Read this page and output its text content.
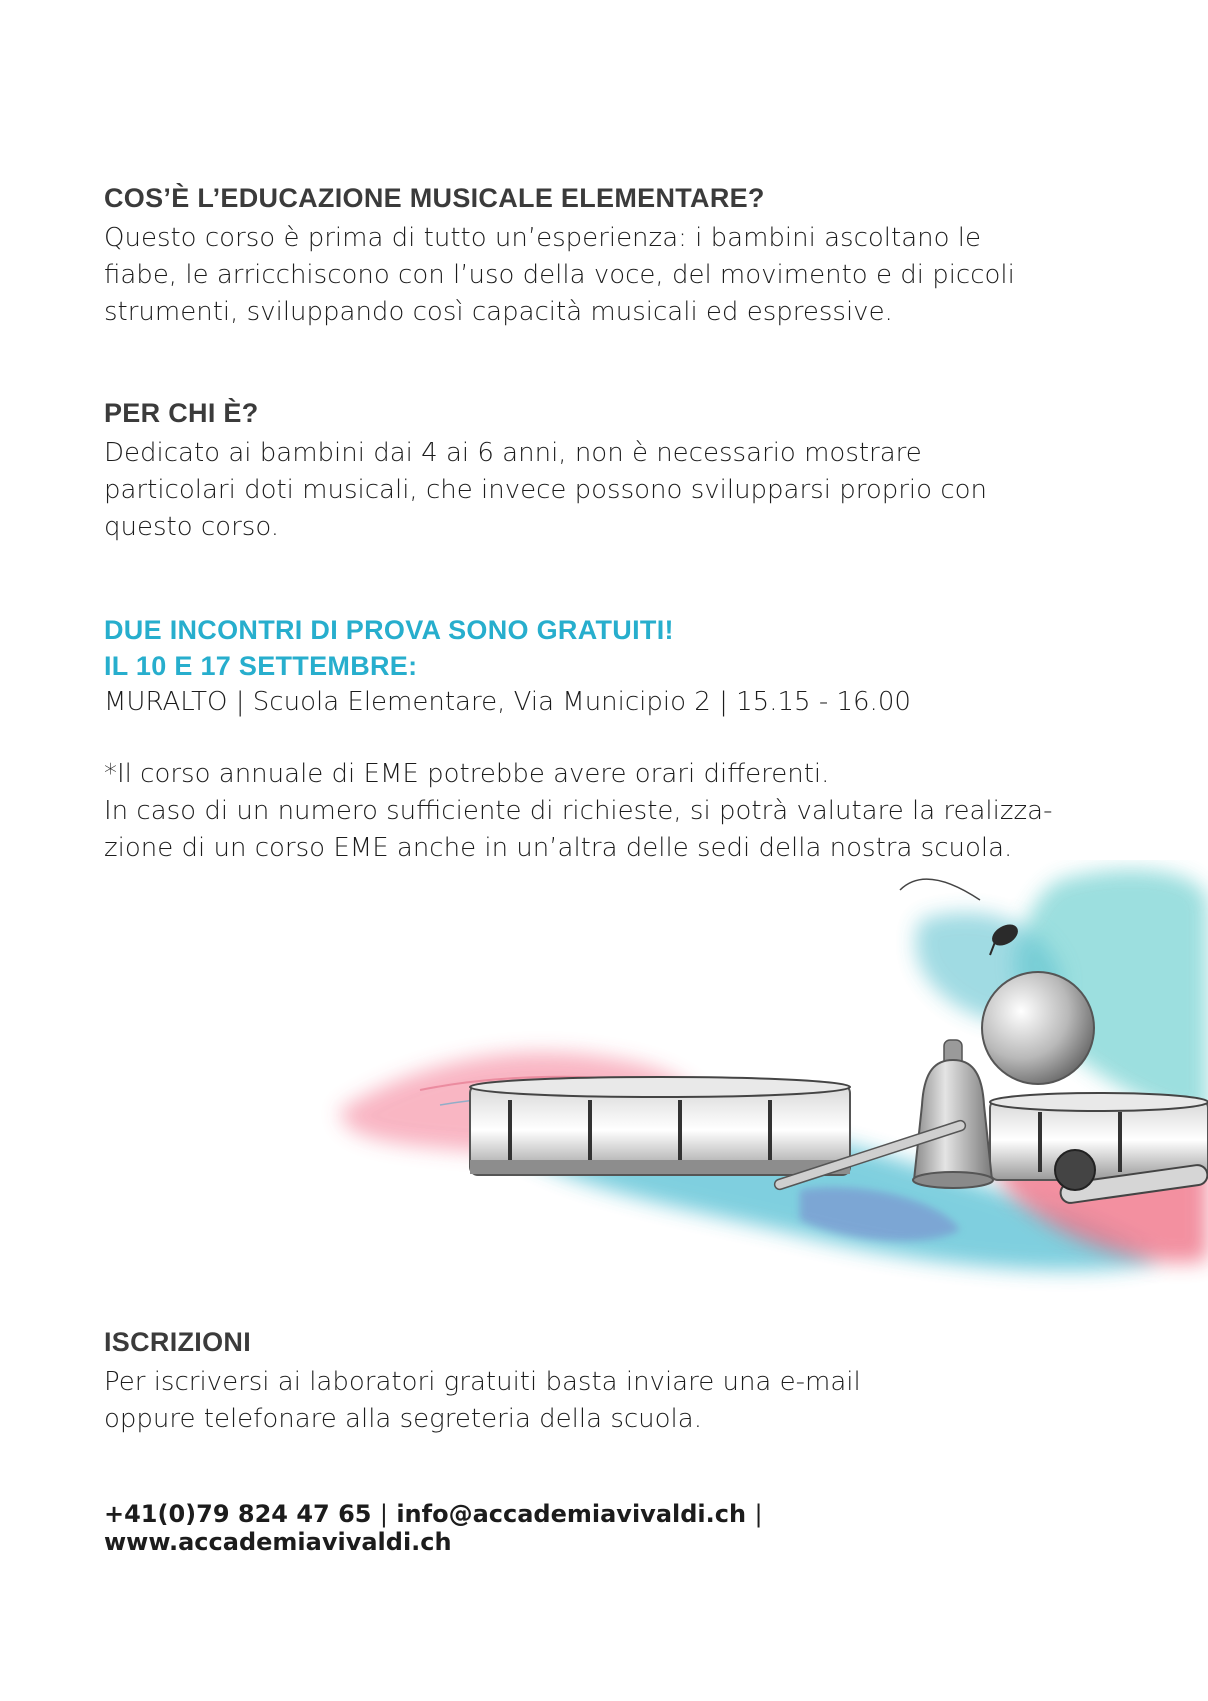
COS’È L’EDUCAZIONE MUSICALE ELEMENTARE?

Questo corso è prima di tutto un’esperienza: i bambini ascoltano le

fiabe, le arricchiscono con l’uso della voce, del movimento e di piccoli

strumenti, sviluppando così capacità musicali ed espressive.

PER CHI È?

Dedicato ai bambini dai 4 ai 6 anni, non è necessario mostrare

particolari doti musicali, che invece possono svilupparsi proprio con

questo corso.

DUE INCONTRI DI PROVA SONO GRATUITI!
IL 10 E 17 SETTEMBRE:

MURALTO | Scuola Elementare, Via Municipio 2 | 15.15 - 16.00

*Il corso annuale di EME potrebbe avere orari differenti.

In caso di un numero sufficiente di richieste, si potrà valutare la realizza-

zione di un corso EME anche in un’altra delle sedi della nostra scuola.

ISCRIZIONI

Per iscriversi ai laboratori gratuiti basta inviare una e-mail

oppure telefonare alla segreteria della scuola.

+41(0)79 824 47 65 | info@accademiavivaldi.ch | www.accademiavivaldi.ch
